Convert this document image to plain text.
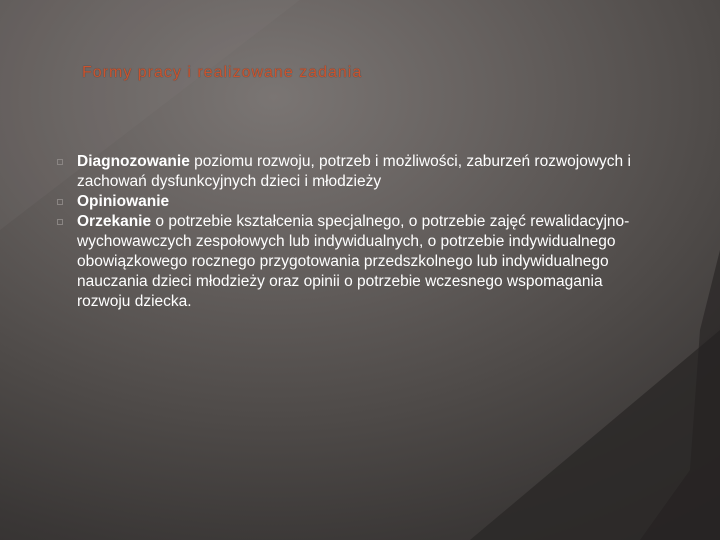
Formy pracy i realizowane zadania
Diagnozowanie poziomu rozwoju, potrzeb i możliwości, zaburzeń rozwojowych i zachowań dysfunkcyjnych dzieci i młodzieży
Opiniowanie
Orzekanie o potrzebie kształcenia specjalnego, o potrzebie zajęć rewalidacyjno-wychowawczych zespołowych lub indywidualnych, o potrzebie indywidualnego obowiązkowego rocznego przygotowania przedszkolnego lub indywidualnego nauczania dzieci młodzieży oraz opinii o potrzebie wczesnego wspomagania rozwoju dziecka.
